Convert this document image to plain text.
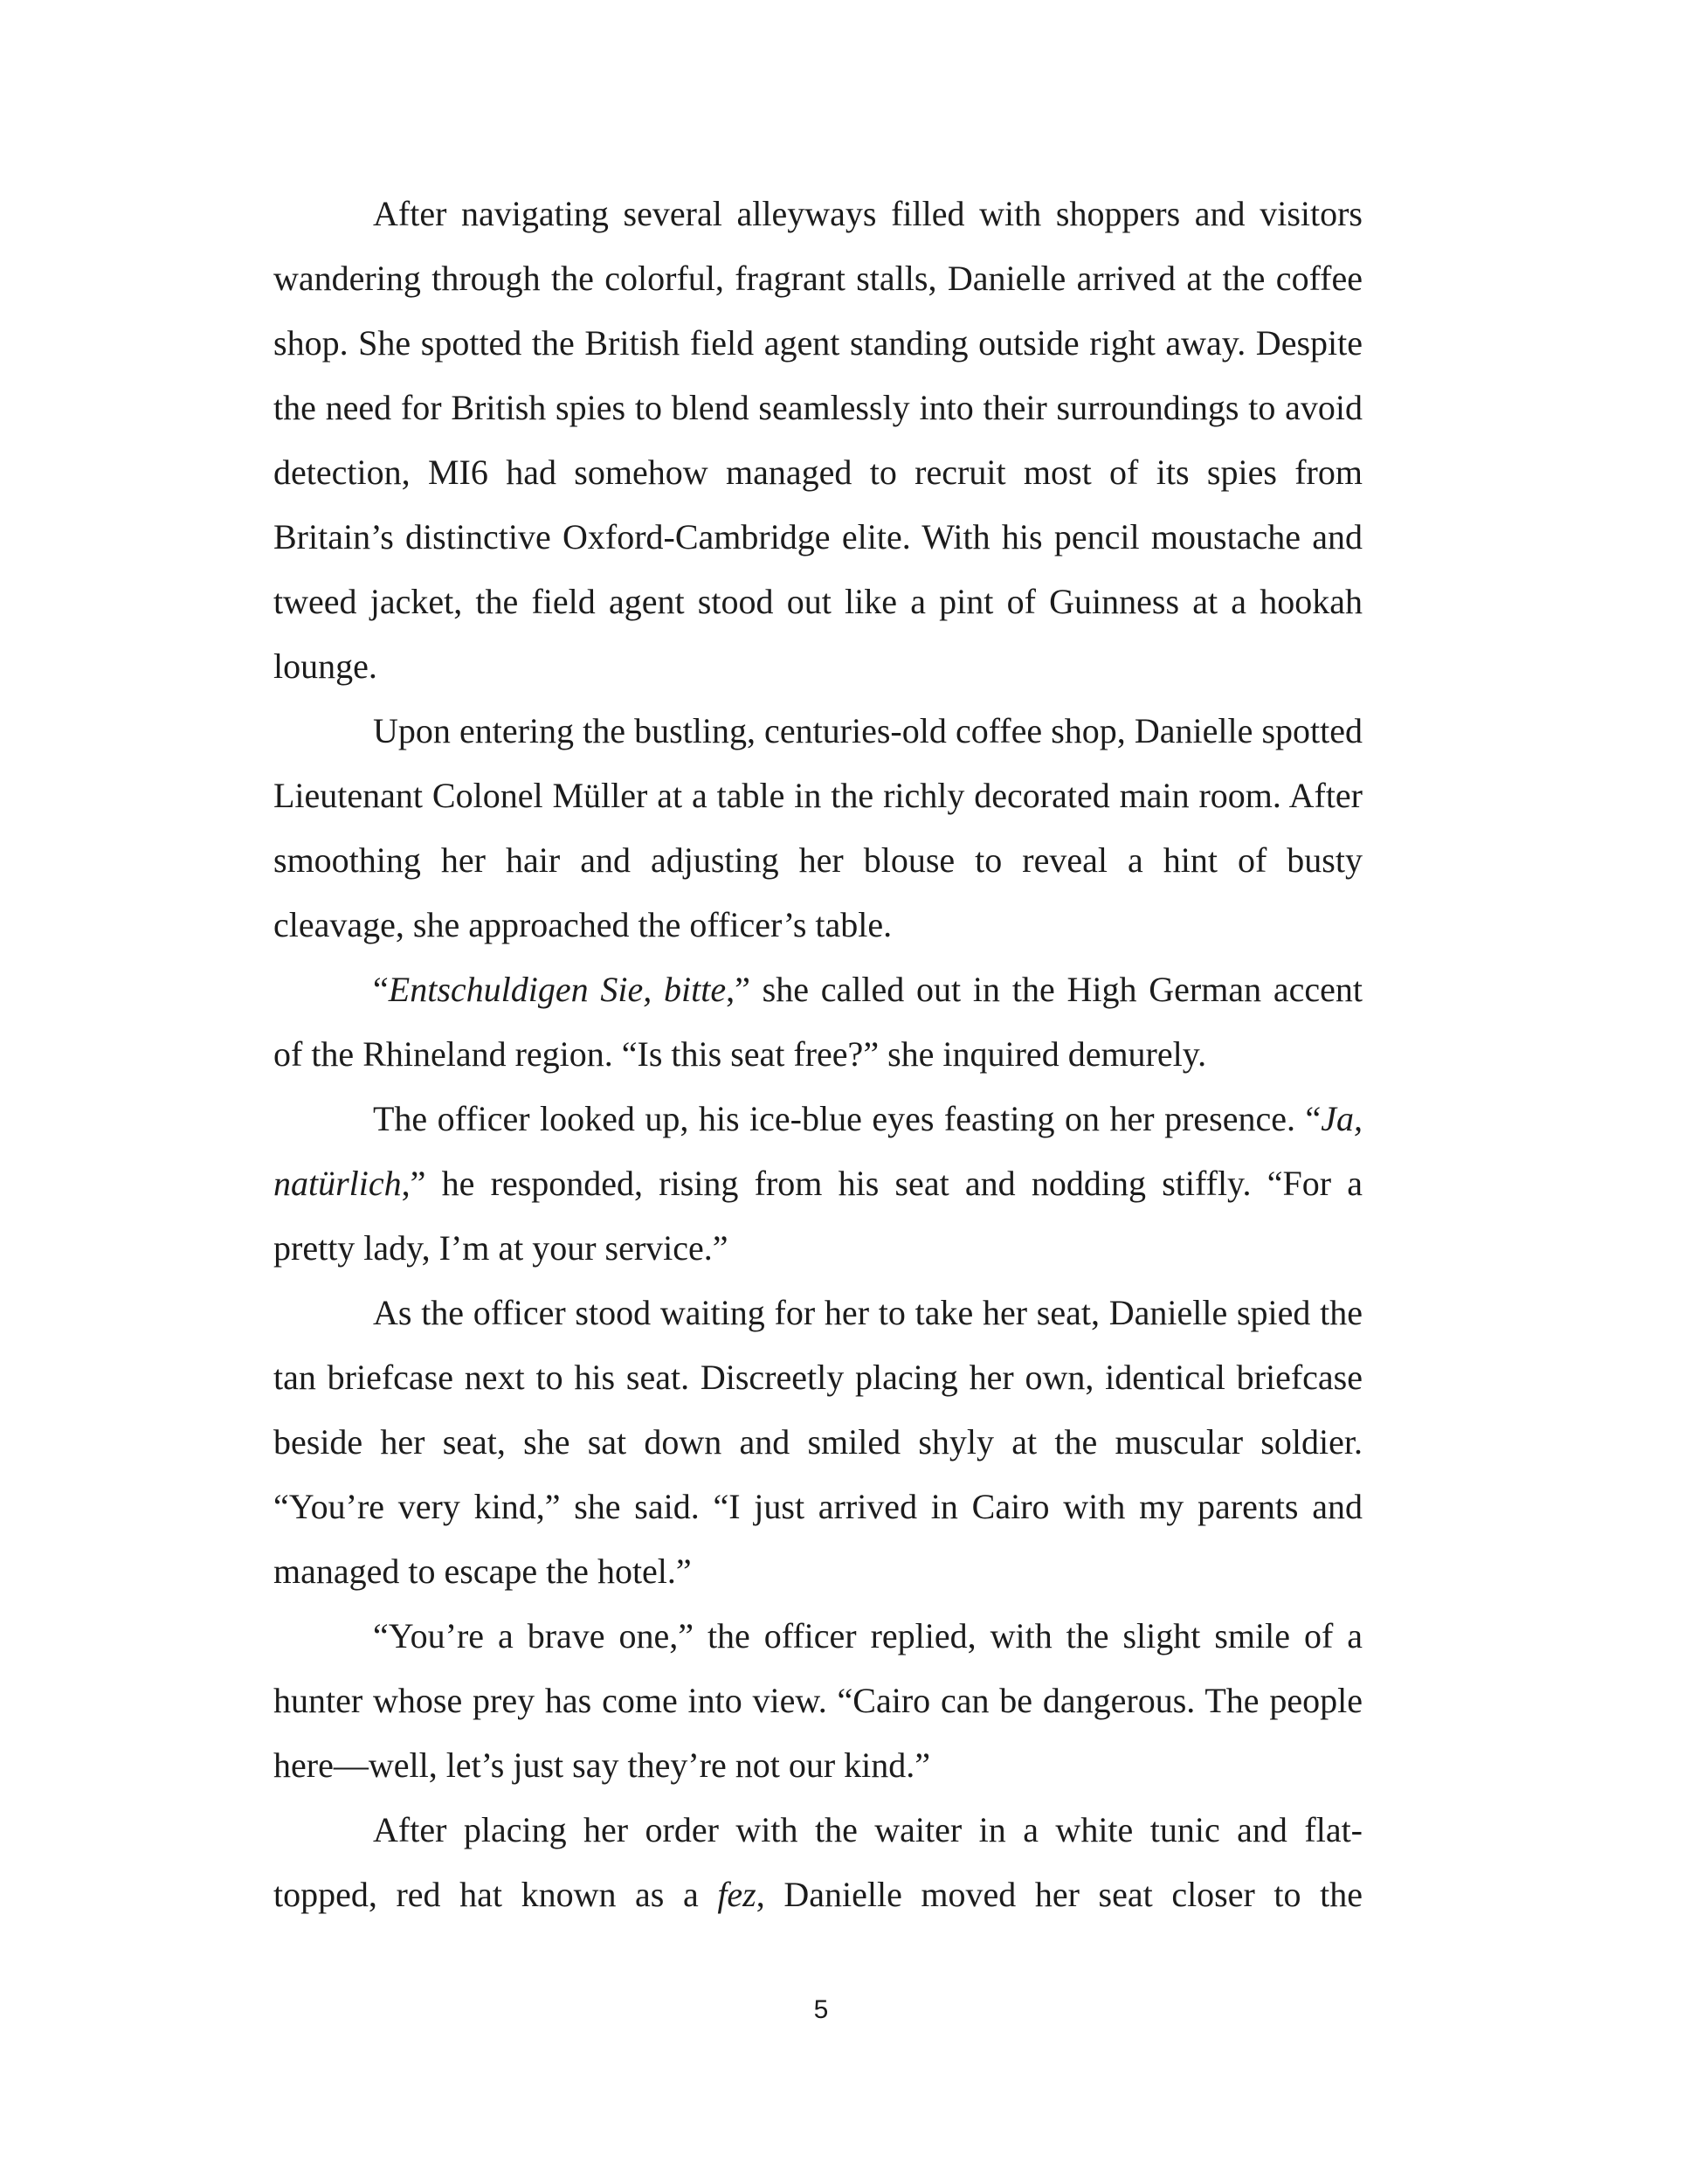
After navigating several alleyways filled with shoppers and visitors wandering through the colorful, fragrant stalls, Danielle arrived at the coffee shop. She spotted the British field agent standing outside right away. Despite the need for British spies to blend seamlessly into their surroundings to avoid detection, MI6 had somehow managed to recruit most of its spies from Britain’s distinctive Oxford-Cambridge elite. With his pencil moustache and tweed jacket, the field agent stood out like a pint of Guinness at a hookah lounge.

Upon entering the bustling, centuries-old coffee shop, Danielle spotted Lieutenant Colonel Müller at a table in the richly decorated main room. After smoothing her hair and adjusting her blouse to reveal a hint of busty cleavage, she approached the officer’s table.

“Entschuldigen Sie, bitte,” she called out in the High German accent of the Rhineland region. “Is this seat free?” she inquired demurely.

The officer looked up, his ice-blue eyes feasting on her presence. “Ja, natürlich,” he responded, rising from his seat and nodding stiffly. “For a pretty lady, I’m at your service.”

As the officer stood waiting for her to take her seat, Danielle spied the tan briefcase next to his seat. Discreetly placing her own, identical briefcase beside her seat, she sat down and smiled shyly at the muscular soldier. “You’re very kind,” she said. “I just arrived in Cairo with my parents and managed to escape the hotel.”

“You’re a brave one,” the officer replied, with the slight smile of a hunter whose prey has come into view. “Cairo can be dangerous. The people here—well, let’s just say they’re not our kind.”

After placing her order with the waiter in a white tunic and flat-topped, red hat known as a fez, Danielle moved her seat closer to the

5
